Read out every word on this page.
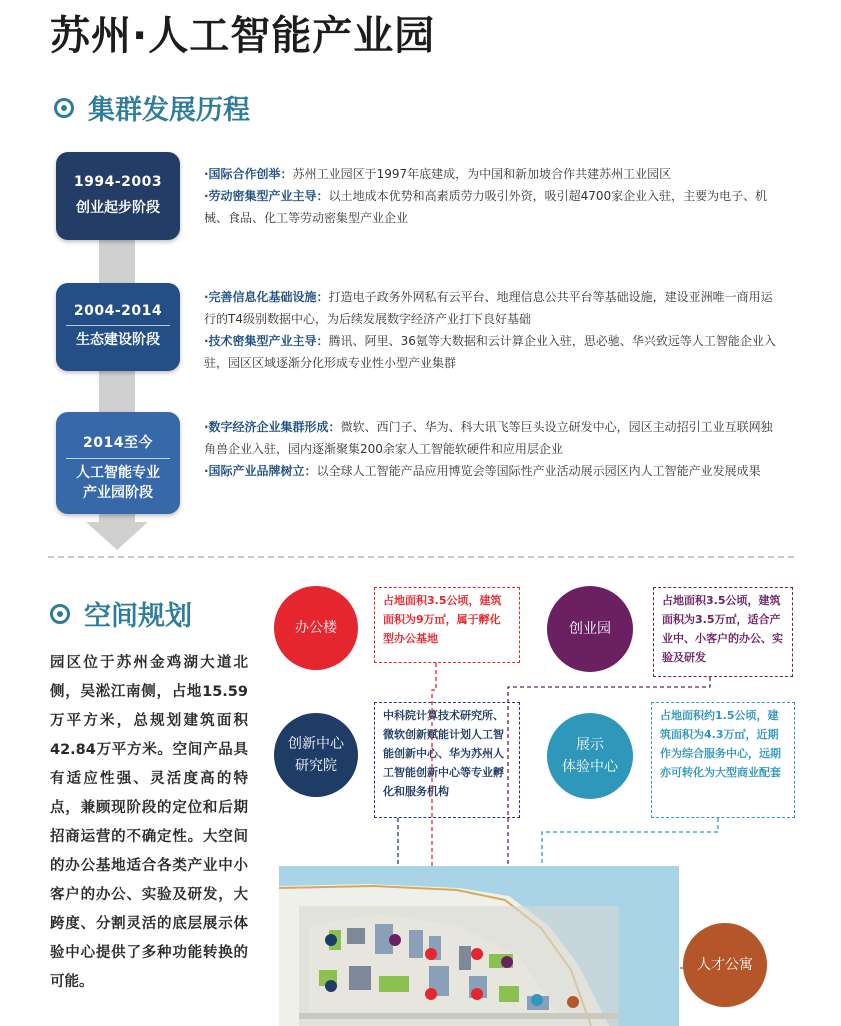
苏州·人工智能产业园
集群发展历程
1994-2003
创业起步阶段

·国际合作创举：苏州工业园区于1997年底建成，为中国和新加坡合作共建苏州工业园区

·劳动密集型产业主导：以土地成本优势和高素质劳力吸引外资，吸引超4700家企业入驻，主要为电子、机械、食品、化工等劳动密集型产业企业

2004-2014
生态建设阶段

·完善信息化基础设施：打造电子政务外网私有云平台、地理信息公共平台等基础设施，建设亚洲唯一商用运行的T4级别数据中心，为后续发展数字经济产业打下良好基础

·技术密集型产业主导：腾讯、阿里、36氪等大数据和云计算企业入驻，思必驰、华兴致远等人工智能企业入驻，园区区域逐渐分化形成专业性小型产业集群

2014至今
人工智能专业
产业园阶段

·数字经济企业集群形成：微软、西门子、华为、科大讯飞等巨头设立研发中心，园区主动招引工业互联网独角兽企业入驻，园内逐渐聚集200余家人工智能软硬件和应用层企业

·国际产业品牌树立：以全球人工智能产品应用博览会等国际性产业活动展示园区内人工智能产业发展成果

空间规划
园区位于苏州金鸡湖大道北侧，吴淞江南侧，占地15.59万平方米，总规划建筑面积42.84万平方米。空间产品具有适应性强、灵活度高的特点，兼顾现阶段的定位和后期招商运营的不确定性。大空间的办公基地适合各类产业中小客户的办公、实验及研发，大跨度、分割灵活的底层展示体验中心提供了多种功能转换的可能。
办公楼	创业园
创新中心
研究院
展示
体验中心
人才公寓
占地面积3.5公顷，建筑面积为9万㎡，属于孵化型办公基地
占地面积3.5公顷，建筑面积为3.5万㎡，适合产业中、小客户的办公、实验及研发
中科院计算技术研究所、微软创新赋能计划人工智能创新中心、华为苏州人工智能创新中心等专业孵化和服务机构
占地面积约1.5公顷，建筑面积为4.3万㎡，近期作为综合服务中心，远期亦可转化为大型商业配套
